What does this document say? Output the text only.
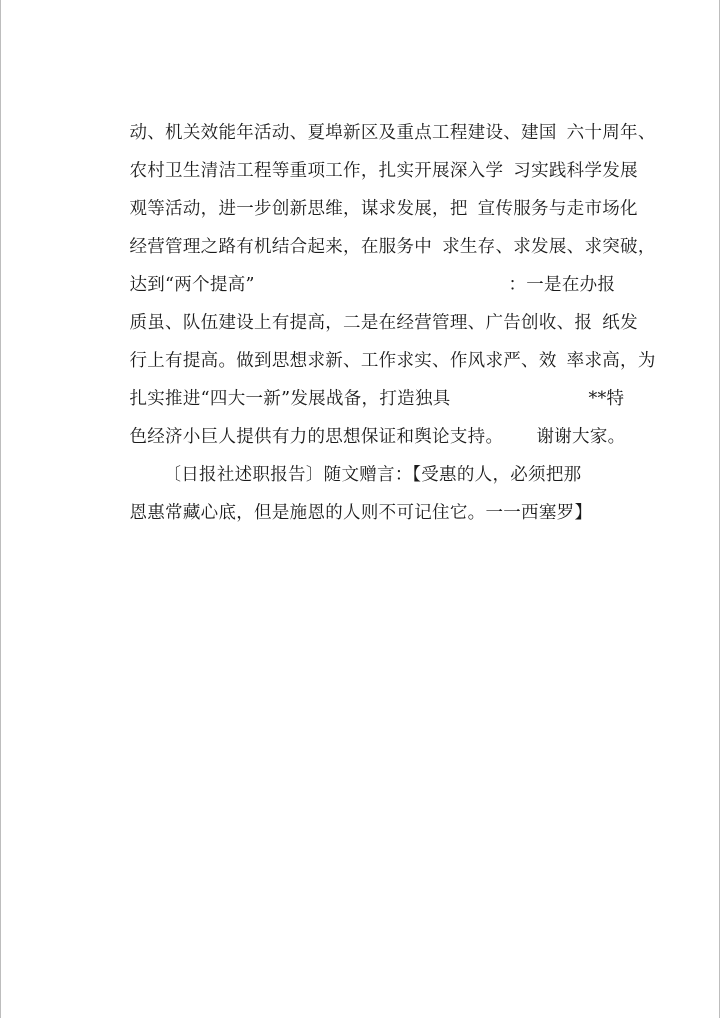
动、机关效能年活动、夏埠新区及重点工程建设、建国 六十周年、

农村卫生清洁工程等重项工作，扎实开展深入学 习实践科学发展

观等活动，进一步创新思维，谋求发展，把 宣传服务与走市场化

经营管理之路有机结合起来，在服务中 求生存、求发展、求突破，

达到“两个提高”
	：一是在办报

质虽、队伍建设上有提高，二是在经营管理、广告创收、报 纸发

行上有提高。做到思想求新、工作求实、作风求严、效 率求高，为

扎实推进“四大一新”发展战备，打造独具
	**特

色经济小巨人提供有力的思想保证和舆论支持。
	谢谢大家。

〔日报社述职报告〕随文赠言：

【受惠的人，必须把那

恩惠常藏心底，但是施恩的人则不可记住它。一一西塞罗】
